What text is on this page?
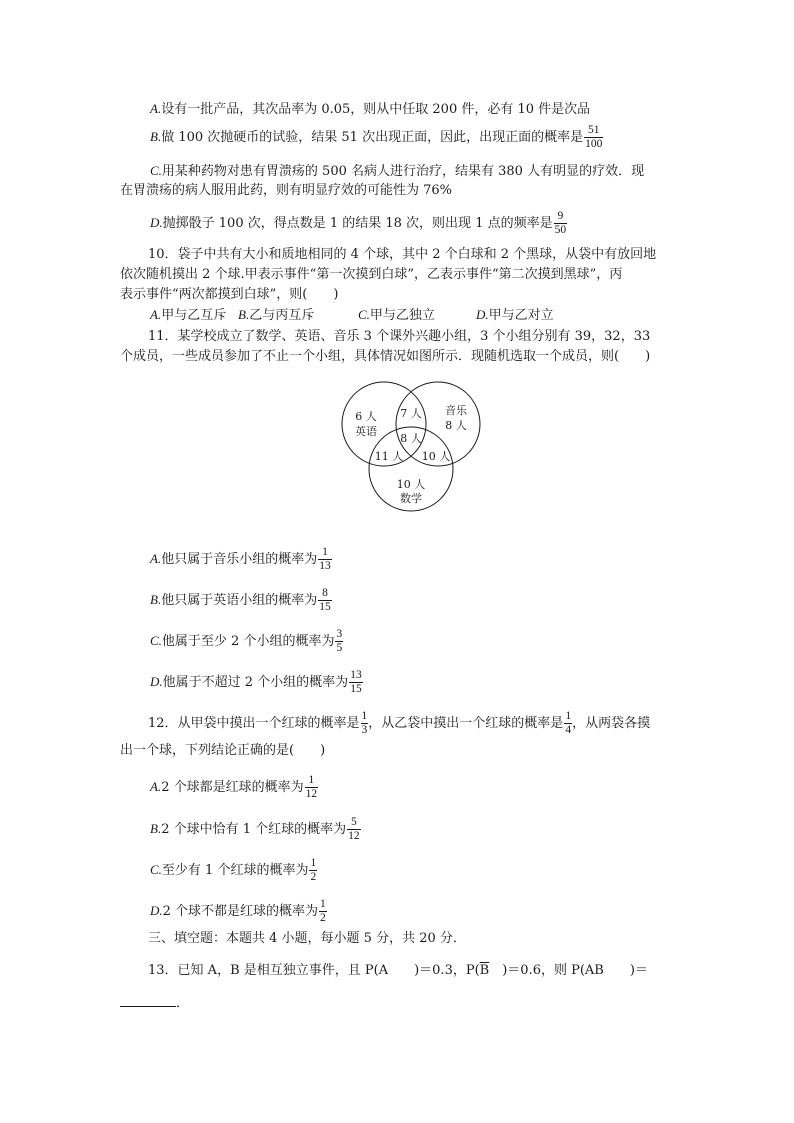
A.设有一批产品，其次品率为 0.05，则从中任取 200 件，必有 10 件是次品
B.做 100 次抛硬币的试验，结果 51 次出现正面，因此，出现正面的概率是 $\frac{51}{100}$
C.用某种药物对患有胃溃疡的 500 名病人进行治疗，结果有 380 人有明显的疗效．现
在胃溃疡的病人服用此药，则有明显疗效的可能性为 76%
D.抛掷骰子 100 次，得点数是 1 的结果 18 次，则出现 1 点的频率是 $\frac{9}{50}$
10．袋子中共有大小和质地相同的 4 个球，其中 2 个白球和 2 个黑球，从袋中有放回地
依次随机摸出 2 个球.甲表示事件“第一次摸到白球”，乙表示事件“第二次摸到黑球”，丙
表示事件“两次都摸到白球”，则(　　)
A.甲与乙互斥 B.乙与丙互斥	C.甲与乙独立	D.甲与乙对立
11．某学校成立了数学、英语、音乐 3 个课外兴趣小组，3 个小组分别有 39，32，33
个成员，一些成员参加了不止一个小组，具体情况如图所示．现随机选取一个成员，则(　　)
6 人
英语
7 人 音乐
8 人
8 人
11 人 10 人
10 人
数学
A.他只属于音乐小组的概率为 $\frac{1}{13}$
B.他只属于英语小组的概率为 $\frac{8}{15}$
C.他属于至少 2 个小组的概率为 $\frac{3}{5}$
D.他属于不超过 2 个小组的概率为 $\frac{13}{15}$
12．从甲袋中摸出一个红球的概率是 $\frac{1}{3}$ ，从乙袋中摸出一个红球的概率是 $\frac{1}{4}$ ，从两袋各摸
出一个球，下列结论正确的是(　　)
A.2 个球都是红球的概率为 $\frac{1}{12}$
B.2 个球中恰有 1 个红球的概率为 $\frac{5}{12}$
C.至少有 1 个红球的概率为 $\frac{1}{2}$
D.2 个球不都是红球的概率为 $\frac{1}{2}$
三、填空题：本题共 4 小题，每小题 5 分，共 20 分．
13．已知 A，B 是相互独立事件，且 P(A　　)＝0.3，$P(\overline{B}$　)＝0.6，则 P(AB　　)＝
．
